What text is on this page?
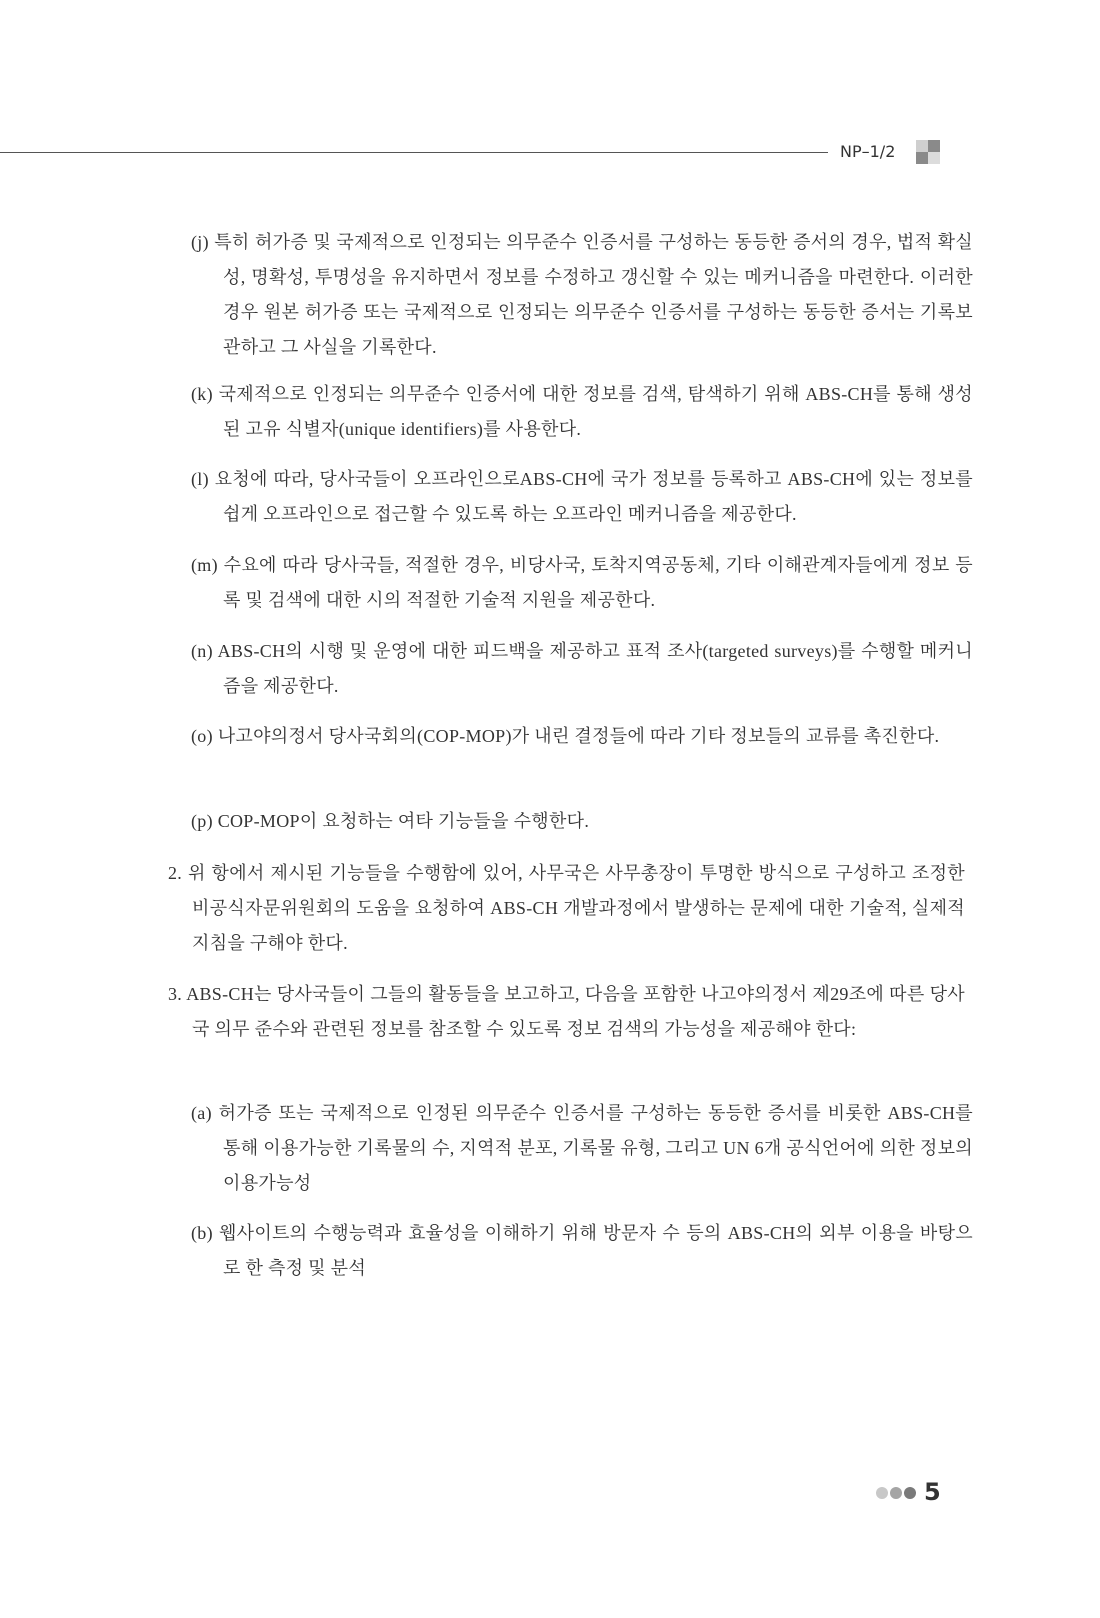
NP–1/2

(j) 특히 허가증 및 국제적으로 인정되는 의무준수 인증서를 구성하는 동등한 증서의 경우, 법적 확실성, 명확성, 투명성을 유지하면서 정보를 수정하고 갱신할 수 있는 메커니즘을 마련한다. 이러한 경우 원본 허가증 또는 국제적으로 인정되는 의무준수 인증서를 구성하는 동등한 증서는 기록보관하고 그 사실을 기록한다.

(k) 국제적으로 인정되는 의무준수 인증서에 대한 정보를 검색, 탐색하기 위해 ABS-CH를 통해 생성된 고유 식별자(unique identifiers)를 사용한다.

(l) 요청에 따라, 당사국들이 오프라인으로ABS-CH에 국가 정보를 등록하고 ABS-CH에 있는 정보를 쉽게 오프라인으로 접근할 수 있도록 하는 오프라인 메커니즘을 제공한다.

(m) 수요에 따라 당사국들, 적절한 경우, 비당사국, 토착지역공동체, 기타 이해관계자들에게 정보 등록 및 검색에 대한 시의 적절한 기술적 지원을 제공한다.

(n) ABS-CH의 시행 및 운영에 대한 피드백을 제공하고 표적 조사(targeted surveys)를 수행할 메커니즘을 제공한다.

(o) 나고야의정서 당사국회의(COP-MOP)가 내린 결정들에 따라 기타 정보들의 교류를 촉진한다.

(p) COP-MOP이 요청하는 여타 기능들을 수행한다.

2. 위 항에서 제시된 기능들을 수행함에 있어, 사무국은 사무총장이 투명한 방식으로 구성하고 조정한 비공식자문위원회의 도움을 요청하여 ABS-CH 개발과정에서 발생하는 문제에 대한 기술적, 실제적 지침을 구해야 한다.

3. ABS-CH는 당사국들이 그들의 활동들을 보고하고, 다음을 포함한 나고야의정서 제29조에 따른 당사국 의무 준수와 관련된 정보를 참조할 수 있도록 정보 검색의 가능성을 제공해야 한다:

(a) 허가증 또는 국제적으로 인정된 의무준수 인증서를 구성하는 동등한 증서를 비롯한 ABS-CH를 통해 이용가능한 기록물의 수, 지역적 분포, 기록물 유형, 그리고 UN 6개 공식언어에 의한 정보의 이용가능성

(b) 웹사이트의 수행능력과 효율성을 이해하기 위해 방문자 수 등의 ABS-CH의 외부 이용을 바탕으로 한 측정 및 분석

5
